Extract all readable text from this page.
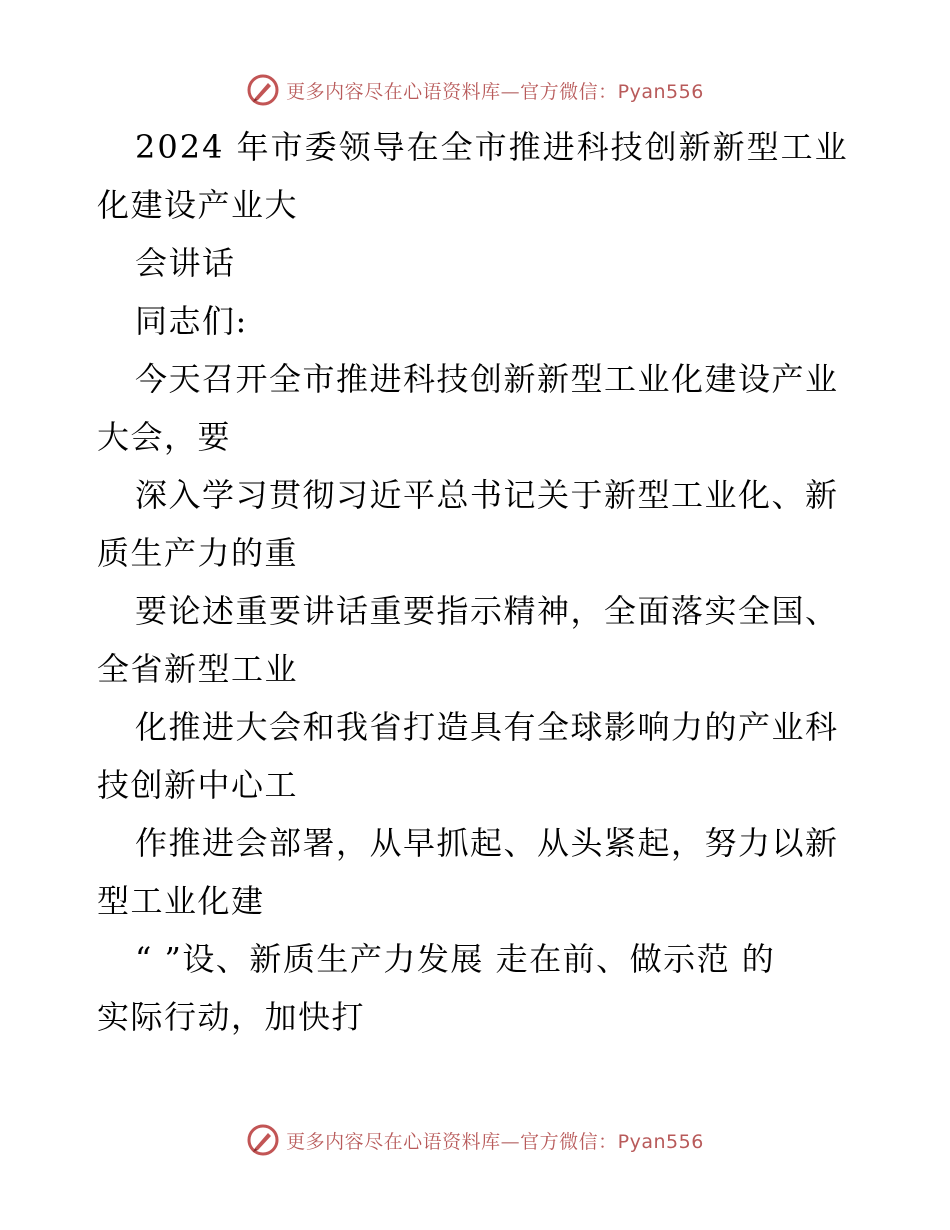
更多内容尽在心语资料库—官方微信：Pyan556
2024 年市委领导在全市推进科技创新新型工业
化建设产业大
会讲话
同志们:
今天召开全市推进科技创新新型工业化建设产业
大会，要
深入学习贯彻习近平总书记关于新型工业化、新
质生产力的重
要论述重要讲话重要指示精神，全面落实全国、
全省新型工业
化推进大会和我省打造具有全球影响力的产业科
技创新中心工
作推进会部署，从早抓起、从头紧起，努力以新
型工业化建
“ ”设、新质生产力发展 走在前、做示范 的
实际行动，加快打
更多内容尽在心语资料库—官方微信：Pyan556
